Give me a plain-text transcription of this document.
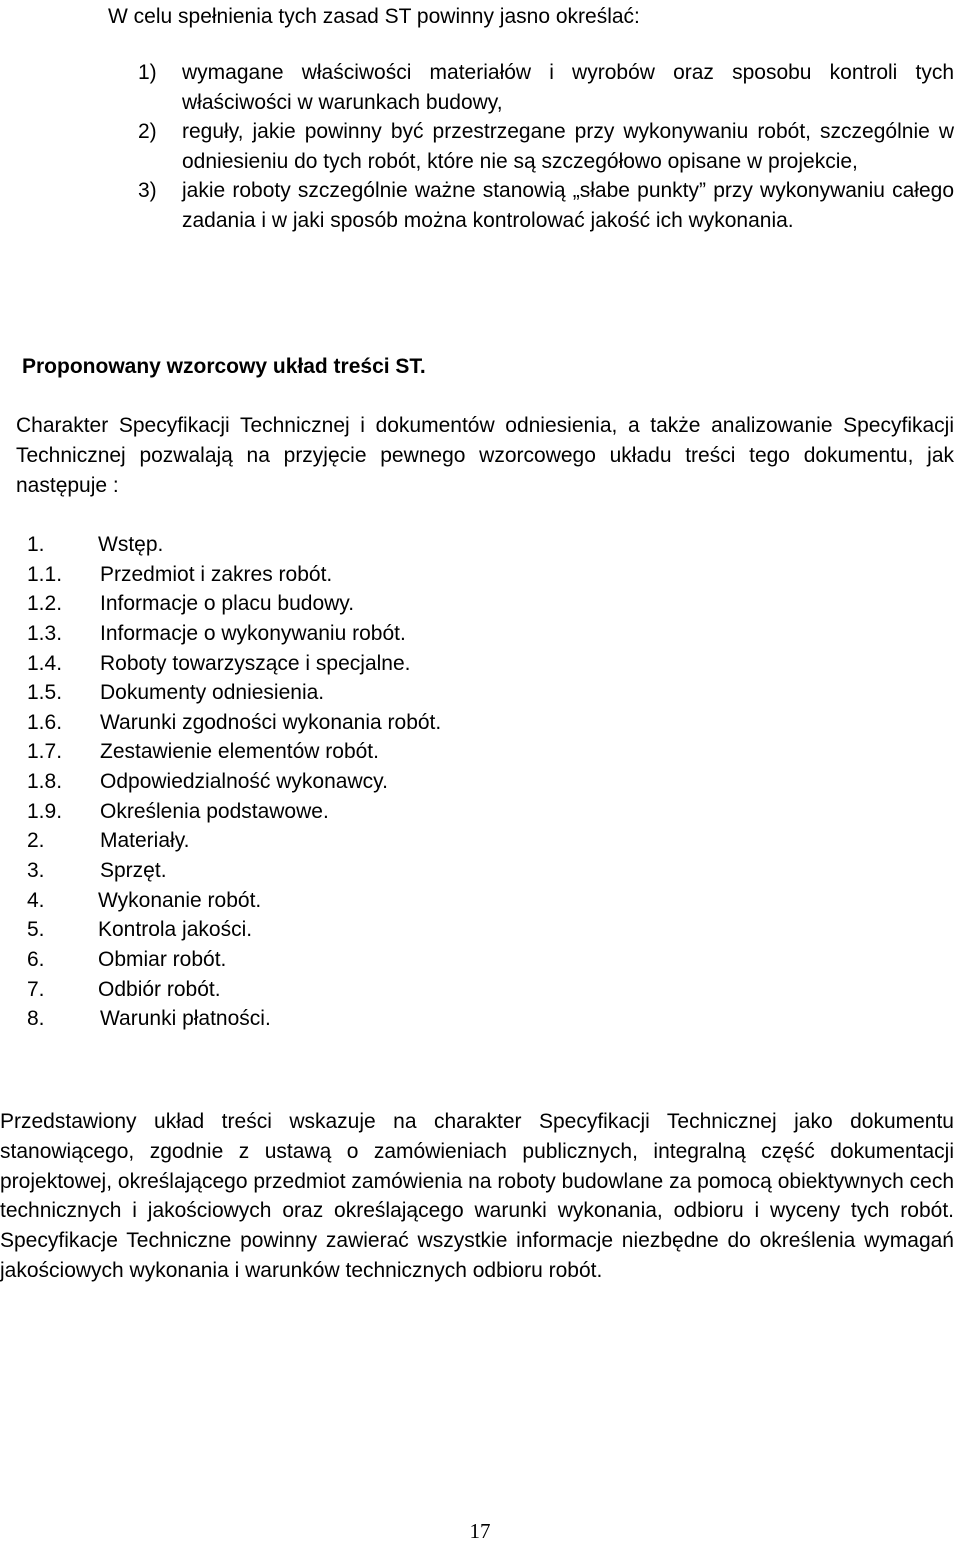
W celu spełnienia tych zasad ST powinny jasno określać:
1) wymagane właściwości materiałów i wyrobów oraz sposobu kontroli tych właściwości w warunkach budowy,
2) reguły, jakie powinny być przestrzegane przy wykonywaniu robót, szczególnie w odniesieniu do tych robót, które nie są szczegółowo opisane w projekcie,
3) jakie roboty szczególnie ważne stanowią „słabe punkty” przy wykonywaniu całego zadania i w jaki sposób można kontrolować jakość ich wykonania.
Proponowany wzorcowy układ treści ST.

Charakter Specyfikacji Technicznej i dokumentów odniesienia, a także analizowanie Specyfikacji Technicznej pozwalają na przyjęcie pewnego wzorcowego układu treści tego dokumentu, jak następuje :

1.	Wstęp.
1.1. Przedmiot i zakres robót.
1.2. Informacje o placu budowy.
1.3. Informacje o wykonywaniu robót.
1.4. Roboty towarzyszące i specjalne.
1.5. Dokumenty odniesienia.
1.6. Warunki zgodności wykonania robót.
1.7. Zestawienie elementów robót.
1.8. Odpowiedzialność wykonawcy.
1.9. Określenia podstawowe.
2.	Materiały.
3.	Sprzęt.
4.	Wykonanie robót.
5.	Kontrola jakości.
6.	Obmiar robót.
7.	Odbiór robót.
8.	Warunki płatności.

Przedstawiony układ treści wskazuje na charakter Specyfikacji Technicznej jako dokumentu stanowiącego, zgodnie z ustawą o zamówieniach publicznych, integralną część dokumentacji projektowej, określającego przedmiot zamówienia na roboty budowlane za pomocą obiektywnych cech technicznych i jakościowych oraz określającego warunki wykonania, odbioru i wyceny tych robót. Specyfikacje Techniczne powinny zawierać wszystkie informacje niezbędne do określenia wymagań jakościowych wykonania i warunków technicznych odbioru robót.

17
